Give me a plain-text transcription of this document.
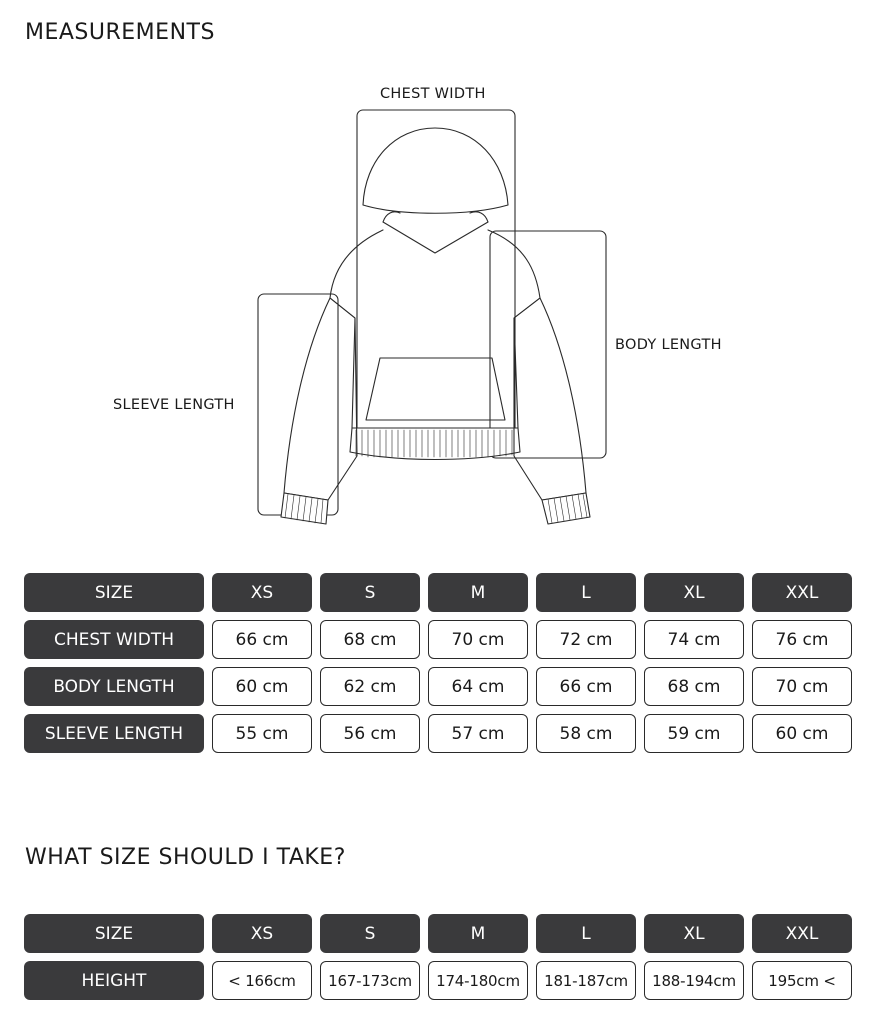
MEASUREMENTS
CHEST WIDTH
BODY LENGTH
SLEEVE LENGTH
SIZE	XS	S	M	L	XL	XXL
CHEST WIDTH	66 cm	68 cm	70 cm	72 cm	74 cm	76 cm
BODY LENGTH	60 cm	62 cm	64 cm	66 cm	68 cm	70 cm
SLEEVE LENGTH	55 cm	56 cm	57 cm	58 cm	59 cm	60 cm
WHAT SIZE SHOULD I TAKE?
SIZE	XS	S	M	L	XL	XXL
HEIGHT	< 166cm	167-173cm	174-180cm	181-187cm	188-194cm	195cm <
